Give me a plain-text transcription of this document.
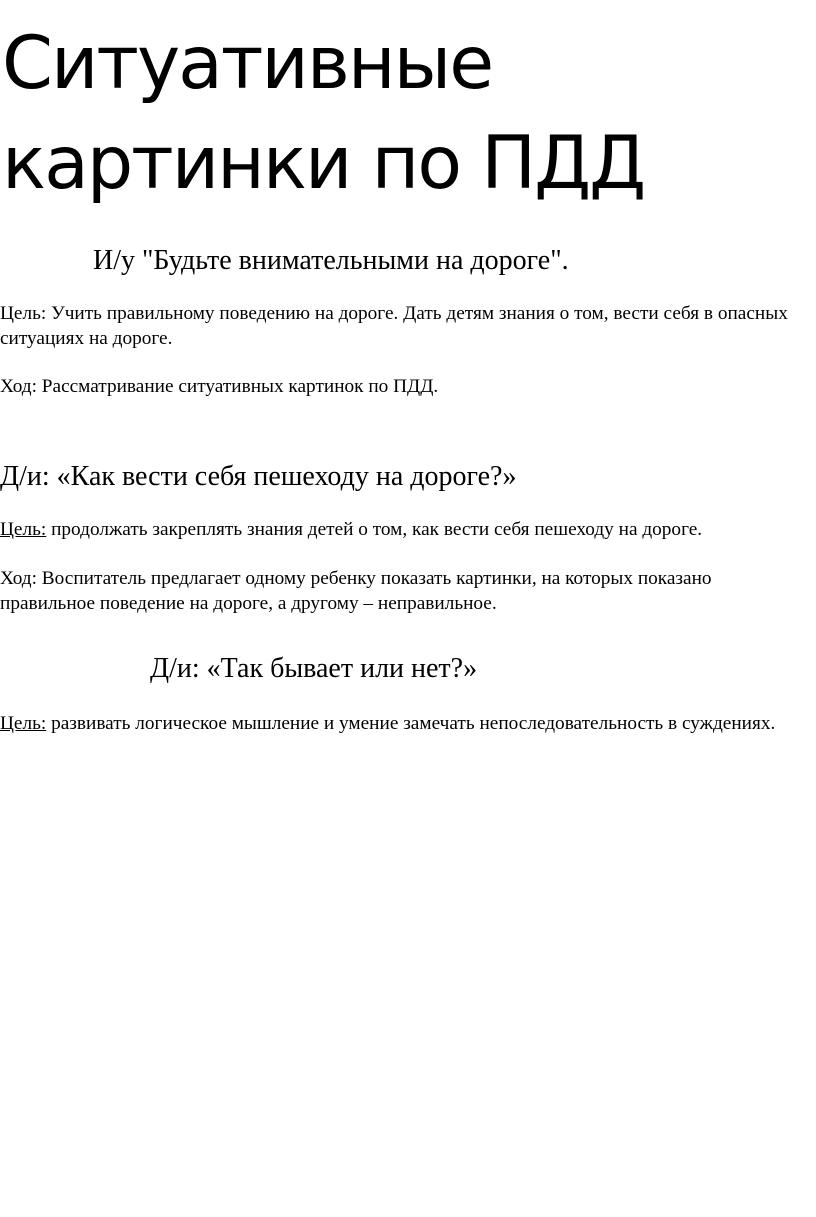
Ситуативные картинки по ПДД
И/у "Будьте внимательными на дороге".

Цель: Учить правильному поведению на дороге. Дать детям знания о том, вести себя в опасных ситуациях на дороге.

Ход: Рассматривание ситуативных картинок по ПДД.

Д/и: «Как вести себя пешеходу на дороге?»

Цель: продолжать закреплять знания детей о том, как вести себя пешеходу на дороге.

Ход: Воспитатель предлагает одному ребенку показать картинки, на которых показано правильное поведение на дороге, а другому – неправильное.

Д/и: «Так бывает или нет?»

Цель: развивать логическое мышление и умение замечать непоследовательность в суждениях.
